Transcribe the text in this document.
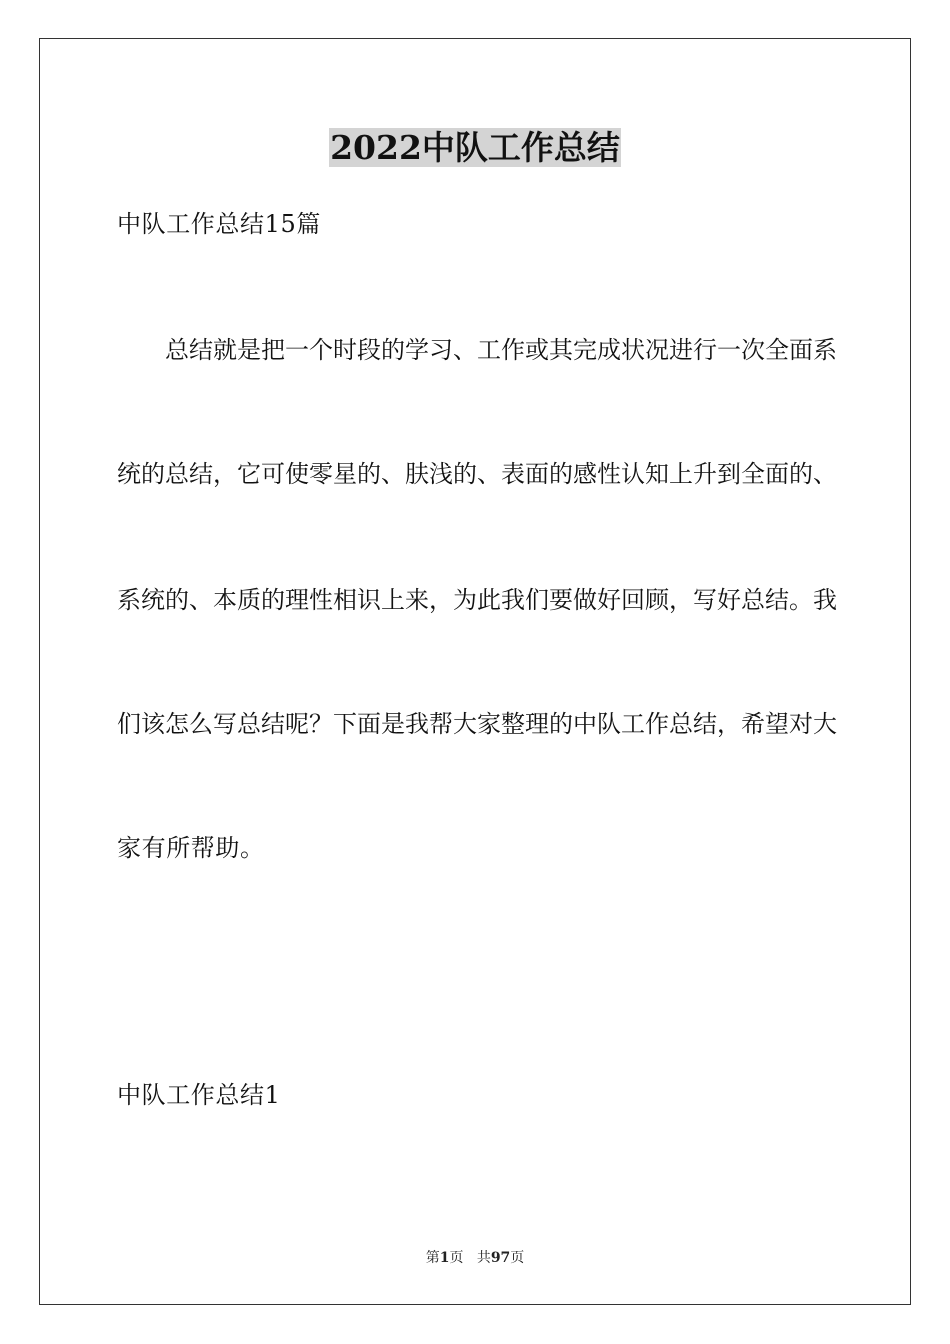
2022中队工作总结
中队工作总结15篇
总 结 就 是 把 一 个 时 段 的 学 习 、 工 作 或 其 完 成 状 况 进 行 一 次 全 面 系
统 的 总 结 ， 它 可 使 零 星 的 、 肤 浅 的 、 表 面 的 感 性 认 知 上 升 到 全 面 的 、
系 统 的 、 本 质 的 理 性 相 识 上 来 ， 为 此 我 们 要 做 好 回 顾 ， 写 好 总 结 。 我
们 该 怎 么 写 总 结 呢 ？ 下 面 是 我 帮 大 家 整 理 的 中 队 工 作 总 结 ， 希 望 对 大
家有所帮助。
中队工作总结1
第1页 共97页
